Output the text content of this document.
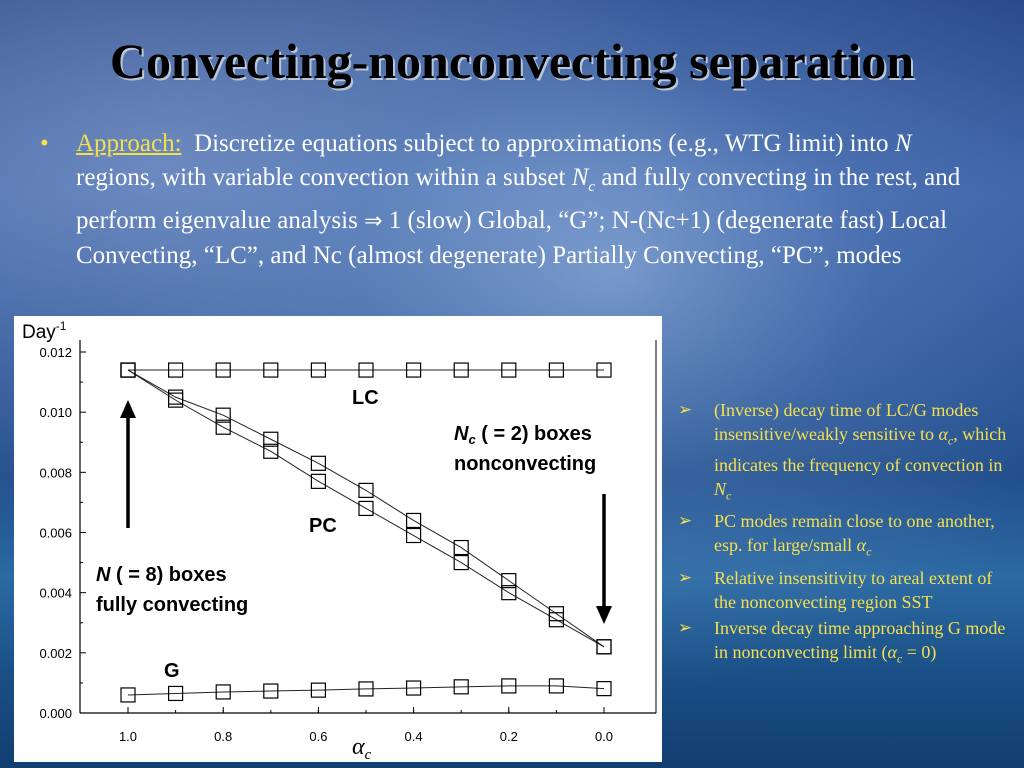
Convecting-nonconvecting separation
• Approach: Discretize equations subject to approximations (e.g., WTG limit) into N regions, with variable convection within a subset $N_c$ and fully convecting in the rest, and perform eigenvalue analysis ⇒ 1 (slow) Global, “G”; N-(Nc+1) (degenerate fast) Local Convecting, “LC”, and Nc (almost degenerate) Partially Convecting, “PC”, modes
0.000
0.002
0.004
0.006
0.008
0.010
0.012
1.0	0.8	0.6	0.4	0.2	0.0
Day$^{-1}$
$\alpha_c$
LC
PC
G
N ( = 8) boxes
fully convecting
$N_c$ ( = 2) boxes
nonconvecting
➢ (Inverse) decay time of LC/G modes insensitive/weakly sensitive to $\alpha_c$, which indicates the frequency of convection in $N_c$
➢ PC modes remain close to one another, esp. for large/small $\alpha_c$
➢ Relative insensitivity to areal extent of the nonconvecting region SST
➢ Inverse decay time approaching G mode in nonconvecting limit $(\alpha_c = 0)$
